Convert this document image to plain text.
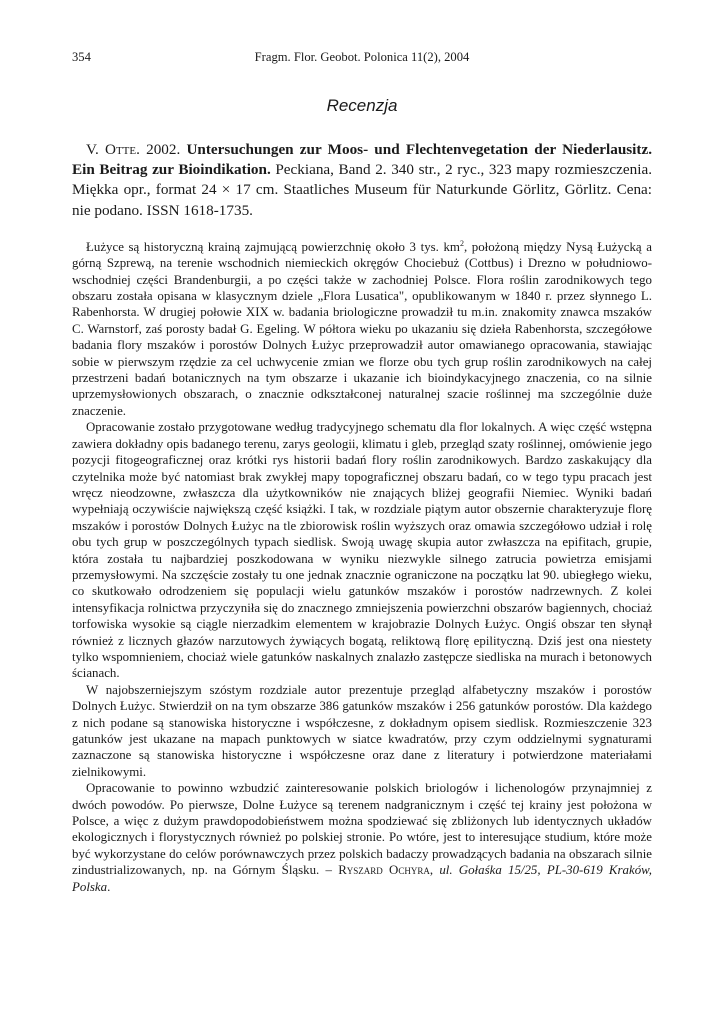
354	Fragm. Flor. Geobot. Polonica 11(2), 2004
Recenzja
V. Otte. 2002. Untersuchungen zur Moos- und Flechtenvegetation der Niederlausitz. Ein Beitrag zur Bioindikation. Peckiana, Band 2. 340 str., 2 ryc., 323 mapy rozmieszczenia. Miękka opr., format 24 × 17 cm. Staatliches Museum für Naturkunde Görlitz, Görlitz. Cena: nie podano. ISSN 1618-1735.

Łużyce są historyczną krainą zajmującą powierzchnię około 3 tys. $km^2$, położoną między Nysą Łużycką a górną Szprewą, na terenie wschodnich niemieckich okręgów Chociebuż (Cottbus) i Drezno w południowo-wschodniej części Brandenburgii, a po części także w zachodniej Polsce. Flora roślin zarodnikowych tego obszaru została opisana w klasycznym dziele „Flora Lusatica", opublikowanym w 1840 r. przez słynnego L. Rabenhorsta. W drugiej połowie XIX w. badania briologiczne prowadził tu m.in. znakomity znawca mszaków C. Warnstorf, zaś porosty badał G. Egeling. W półtora wieku po ukazaniu się dzieła Rabenhorsta, szczegółowe badania flory mszaków i porostów Dolnych Łużyc przeprowadził autor omawianego opracowania, stawiając sobie w pierwszym rzędzie za cel uchwycenie zmian we florze obu tych grup roślin zarodnikowych na całej przestrzeni badań botanicznych na tym obszarze i ukazanie ich bioindykacyjnego znaczenia, co na silnie uprzemysłowionych obszarach, o znacznie odkształconej naturalnej szacie roślinnej ma szczególnie duże znaczenie.

Opracowanie zostało przygotowane według tradycyjnego schematu dla flor lokalnych. A więc część wstępna zawiera dokładny opis badanego terenu, zarys geologii, klimatu i gleb, przegląd szaty roślinnej, omówienie jego pozycji fitogeograficznej oraz krótki rys historii badań flory roślin zarodnikowych. Bardzo zaskakujący dla czytelnika może być natomiast brak zwykłej mapy topograficznej obszaru badań, co w tego typu pracach jest wręcz nieodzowne, zwłaszcza dla użytkowników nie znających bliżej geografii Niemiec. Wyniki badań wypełniają oczywiście największą część książki. I tak, w rozdziale piątym autor obszernie charakteryzuje florę mszaków i porostów Dolnych Łużyc na tle zbiorowisk roślin wyższych oraz omawia szczegółowo udział i rolę obu tych grup w poszczególnych typach siedlisk. Swoją uwagę skupia autor zwłaszcza na epifitach, grupie, która została tu najbardziej poszkodowana w wyniku niezwykle silnego zatrucia powietrza emisjami przemysłowymi. Na szczęście zostały tu one jednak znacznie ograniczone na początku lat 90. ubiegłego wieku, co skutkowało odrodzeniem się populacji wielu gatunków mszaków i porostów nadrzewnych. Z kolei intensyfikacja rolnictwa przyczyniła się do znacznego zmniejszenia powierzchni obszarów bagiennych, chociaż torfowiska wysokie są ciągle nierzadkim elementem w krajobrazie Dolnych Łużyc. Ongiś obszar ten słynął również z licznych głazów narzutowych żywiących bogatą, reliktową florę epilityczną. Dziś jest ona niestety tylko wspomnieniem, chociaż wiele gatunków naskalnych znalazło zastępcze siedliska na murach i betonowych ścianach.

W najobszerniejszym szóstym rozdziale autor prezentuje przegląd alfabetyczny mszaków i porostów Dolnych Łużyc. Stwierdził on na tym obszarze 386 gatunków mszaków i 256 gatunków porostów. Dla każdego z nich podane są stanowiska historyczne i współczesne, z dokładnym opisem siedlisk. Rozmieszczenie 323 gatunków jest ukazane na mapach punktowych w siatce kwadratów, przy czym oddzielnymi sygnaturami zaznaczone są stanowiska historyczne i współczesne oraz dane z literatury i potwierdzone materiałami zielnikowymi.

Opracowanie to powinno wzbudzić zainteresowanie polskich briologów i lichenologów przynajmniej z dwóch powodów. Po pierwsze, Dolne Łużyce są terenem nadgranicznym i część tej krainy jest położona w Polsce, a więc z dużym prawdopodobieństwem można spodziewać się zbliżonych lub identycznych układów ekologicznych i florystycznych również po polskiej stronie. Po wtóre, jest to interesujące studium, które może być wykorzystane do celów porównawczych przez polskich badaczy prowadzących badania na obszarach silnie zindustrializowanych, np. na Górnym Śląsku. – Ryszard Ochyra, ul. Gołaśka 15/25, PL-30-619 Kraków, Polska.
